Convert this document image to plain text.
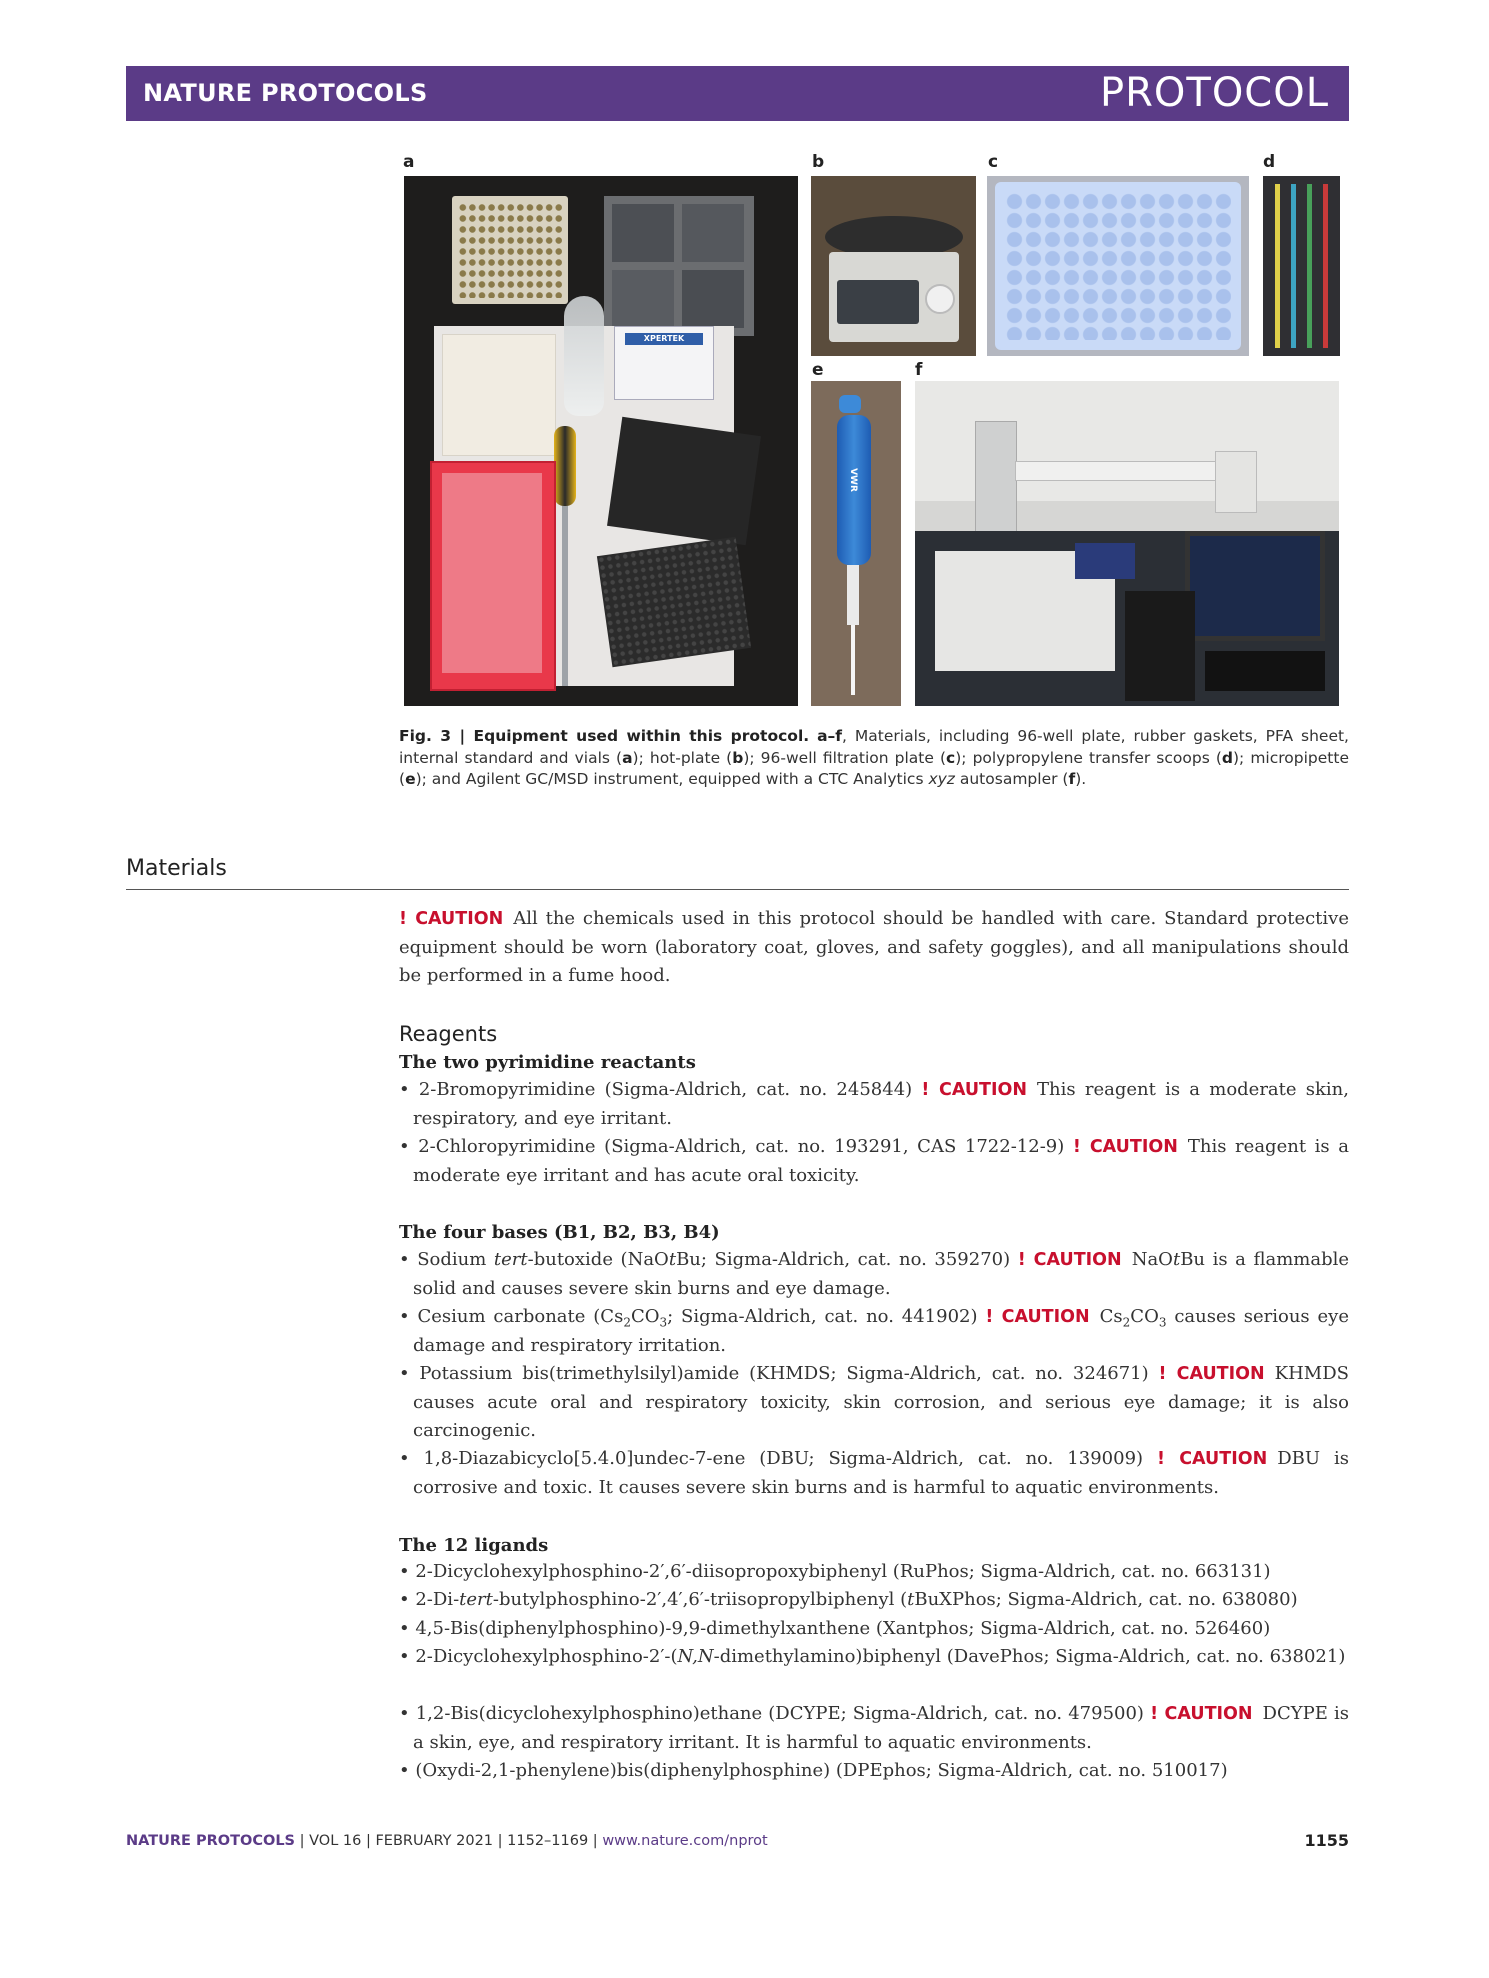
NATURE PROTOCOLS	PROTOCOL
a	b	c	d
e	f
XPERTEK
VWR
Fig. 3 | Equipment used within this protocol. a–f, Materials, including 96-well plate, rubber gaskets, PFA sheet, internal standard and vials (a); hot-plate (b); 96-well filtration plate (c); polypropylene transfer scoops (d); micropipette (e); and Agilent GC/MSD instrument, equipped with a CTC Analytics xyz autosampler (f).
Materials
! CAUTION All the chemicals used in this protocol should be handled with care. Standard protective equipment should be worn (laboratory coat, gloves, and safety goggles), and all manipulations should be performed in a fume hood.
Reagents
The two pyrimidine reactants
• 2-Bromopyrimidine (Sigma-Aldrich, cat. no. 245844) ! CAUTION This reagent is a moderate skin, respiratory, and eye irritant.
• 2-Chloropyrimidine (Sigma-Aldrich, cat. no. 193291, CAS 1722-12-9) ! CAUTION This reagent is a moderate eye irritant and has acute oral toxicity.
The four bases (B1, B2, B3, B4)
• Sodium tert-butoxide (NaOtBu; Sigma-Aldrich, cat. no. 359270) ! CAUTION NaOtBu is a flammable solid and causes severe skin burns and eye damage.
• Cesium carbonate ($Cs_2CO_3$; Sigma-Aldrich, cat. no. 441902) ! CAUTION $Cs_2CO_3$ causes serious eye damage and respiratory irritation.
• Potassium bis(trimethylsilyl)amide (KHMDS; Sigma-Aldrich, cat. no. 324671) ! CAUTION KHMDS causes acute oral and respiratory toxicity, skin corrosion, and serious eye damage; it is also carcinogenic.
• 1,8-Diazabicyclo[5.4.0]undec-7-ene (DBU; Sigma-Aldrich, cat. no. 139009) ! CAUTION DBU is corrosive and toxic. It causes severe skin burns and is harmful to aquatic environments.
The 12 ligands
• 2-Dicyclohexylphosphino-2′,6′-diisopropoxybiphenyl (RuPhos; Sigma-Aldrich, cat. no. 663131)
• 2-Di-tert-butylphosphino-2′,4′,6′-triisopropylbiphenyl (tBuXPhos; Sigma-Aldrich, cat. no. 638080)
• 4,5-Bis(diphenylphosphino)-9,9-dimethylxanthene (Xantphos; Sigma-Aldrich, cat. no. 526460)
• 2-Dicyclohexylphosphino-2′-(N,N-dimethylamino)biphenyl (DavePhos; Sigma-Aldrich, cat. no. 638021)
• 1,2-Bis(dicyclohexylphosphino)ethane (DCYPE; Sigma-Aldrich, cat. no. 479500) ! CAUTION DCYPE is a skin, eye, and respiratory irritant. It is harmful to aquatic environments.
• (Oxydi-2,1-phenylene)bis(diphenylphosphine) (DPEphos; Sigma-Aldrich, cat. no. 510017)
NATURE PROTOCOLS | VOL 16 | FEBRUARY 2021 | 1152–1169 | www.nature.com/nprot	1155
